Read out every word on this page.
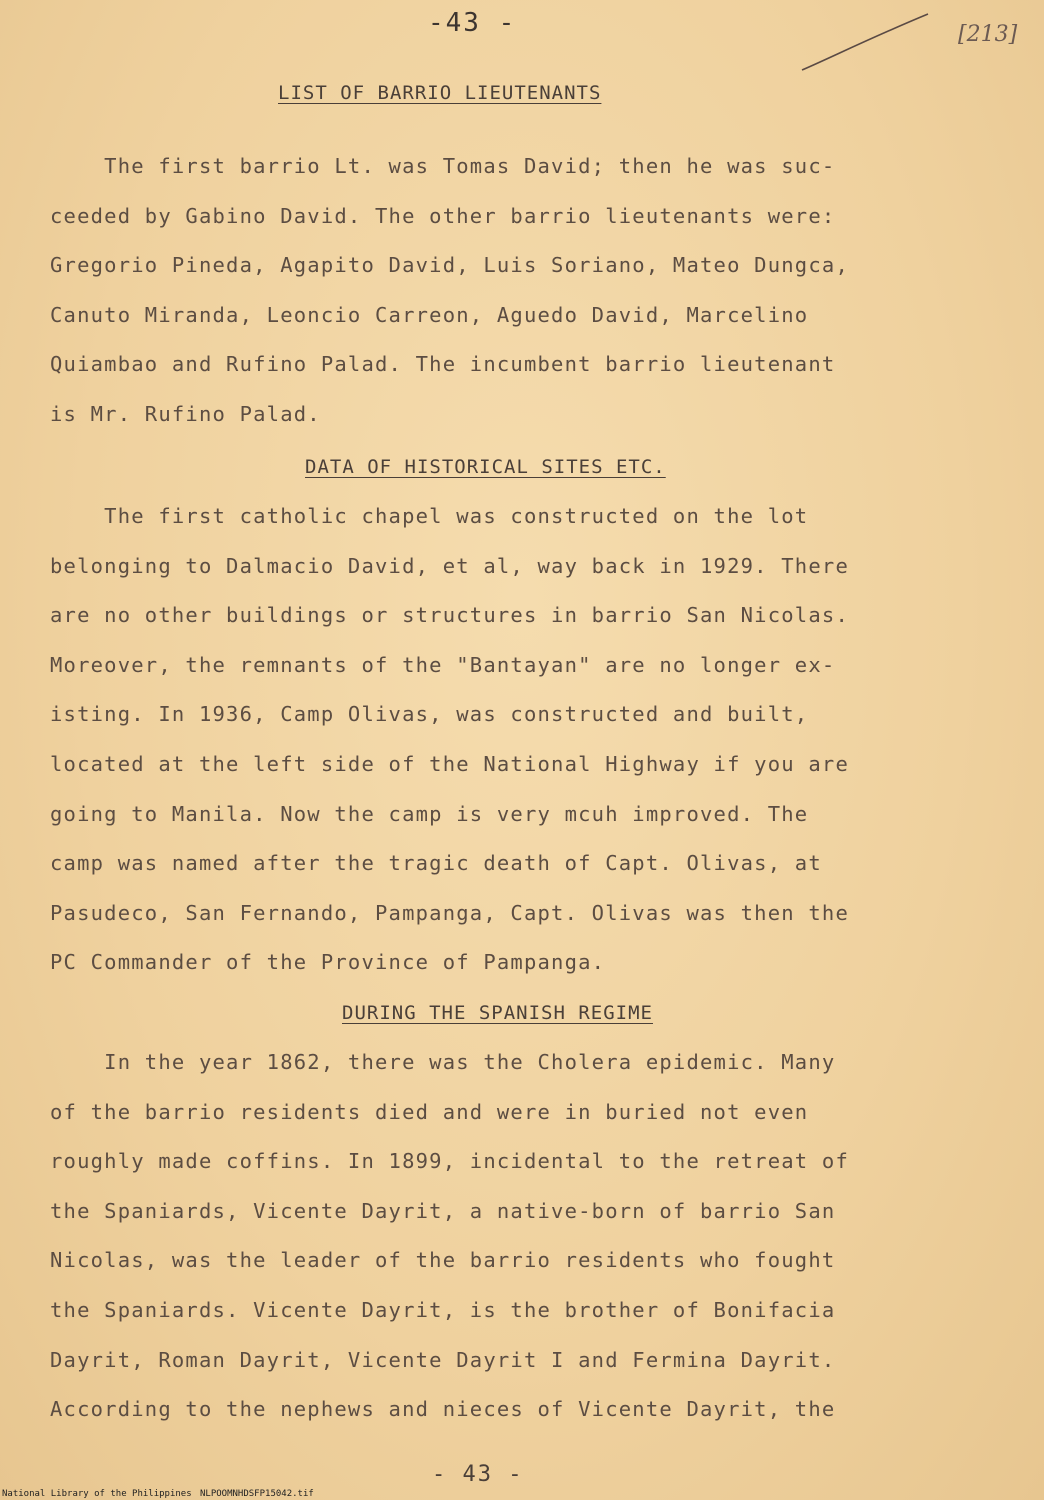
-43 -	[213]
LIST OF BARRIO LIEUTENANTS
The first barrio Lt. was Tomas David; then he was suc-
ceeded by Gabino David. The other barrio lieutenants were:
Gregorio Pineda, Agapito David, Luis Soriano, Mateo Dungca,
Canuto Miranda, Leoncio Carreon, Aguedo David, Marcelino
Quiambao and Rufino Palad. The incumbent barrio lieutenant
is Mr. Rufino Palad.
DATA OF HISTORICAL SITES ETC.
The first catholic chapel was constructed on the lot
belonging to Dalmacio David, et al, way back in 1929. There
are no other buildings or structures in barrio San Nicolas.
Moreover, the remnants of the "Bantayan" are no longer ex-
isting. In 1936, Camp Olivas, was constructed and built,
located at the left side of the National Highway if you are
going to Manila. Now the camp is very mcuh improved. The
camp was named after the tragic death of Capt. Olivas, at
Pasudeco, San Fernando, Pampanga, Capt. Olivas was then the
PC Commander of the Province of Pampanga.
DURING THE SPANISH REGIME
In the year 1862, there was the Cholera epidemic. Many
of the barrio residents died and were in buried not even
roughly made coffins. In 1899, incidental to the retreat of
the Spaniards, Vicente Dayrit, a native-born of barrio San
Nicolas, was the leader of the barrio residents who fought
the Spaniards. Vicente Dayrit, is the brother of Bonifacia
Dayrit, Roman Dayrit, Vicente Dayrit I and Fermina Dayrit.
According to the nephews and nieces of Vicente Dayrit, the
- 43 -
National Library of the Philippines NLPOOMNHDSFP15042.tif
